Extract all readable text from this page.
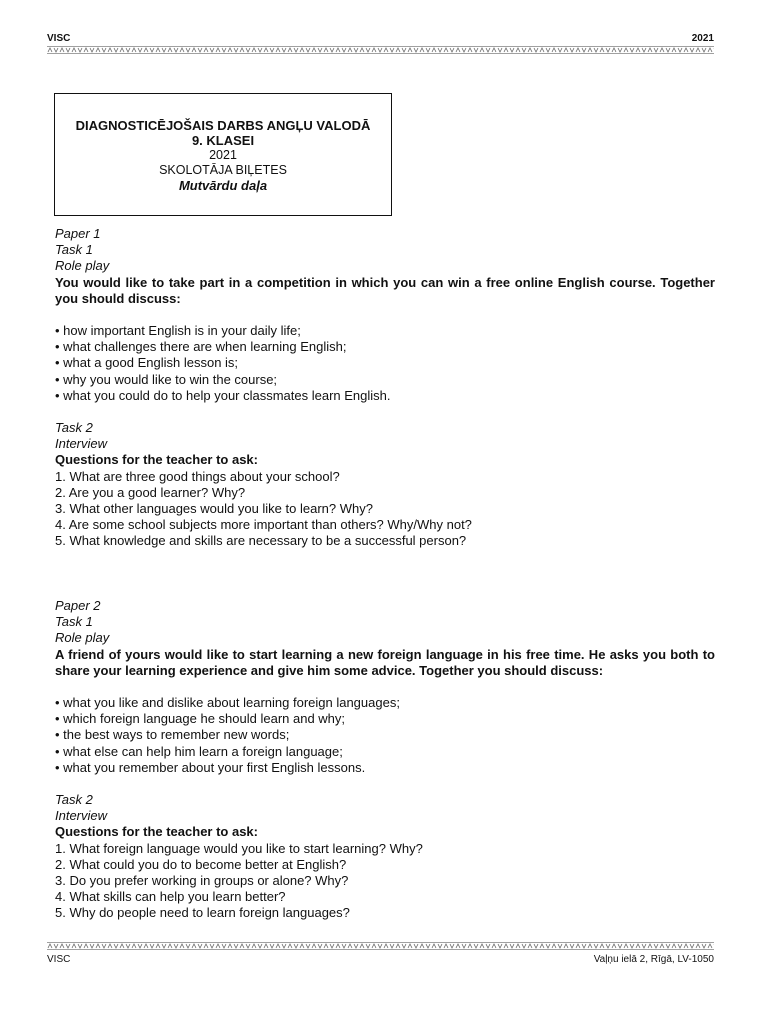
VISC	2021
DIAGNOSTICĒJOŠAIS DARBS ANGĻU VALODĀ
9. KLASEI
2021
SKOLOTĀJA BIĻETES
Mutvārdu daļa
Paper 1
Task 1
Role play
You would like to take part in a competition in which you can win a free online English course. Together you should discuss:
• how important English is in your daily life;
• what challenges there are when learning English;
• what a good English lesson is;
• why you would like to win the course;
• what you could do to help your classmates learn English.
Task 2
Interview
Questions for the teacher to ask:
1. What are three good things about your school?
2. Are you a good learner? Why?
3. What other languages would you like to learn? Why?
4. Are some school subjects more important than others? Why/Why not?
5. What knowledge and skills are necessary to be a successful person?
Paper 2
Task 1
Role play
A friend of yours would like to start learning a new foreign language in his free time. He asks you both to share your learning experience and give him some advice. Together you should discuss:
• what you like and dislike about learning foreign languages;
• which foreign language he should learn and why;
• the best ways to remember new words;
• what else can help him learn a foreign language;
• what you remember about your first English lessons.
Task 2
Interview
Questions for the teacher to ask:
1. What foreign language would you like to start learning? Why?
2. What could you do to become better at English?
3. Do you prefer working in groups or alone? Why?
4. What skills can help you learn better?
5. Why do people need to learn foreign languages?
VISC	Vaļņu ielā 2, Rīgā, LV-1050
